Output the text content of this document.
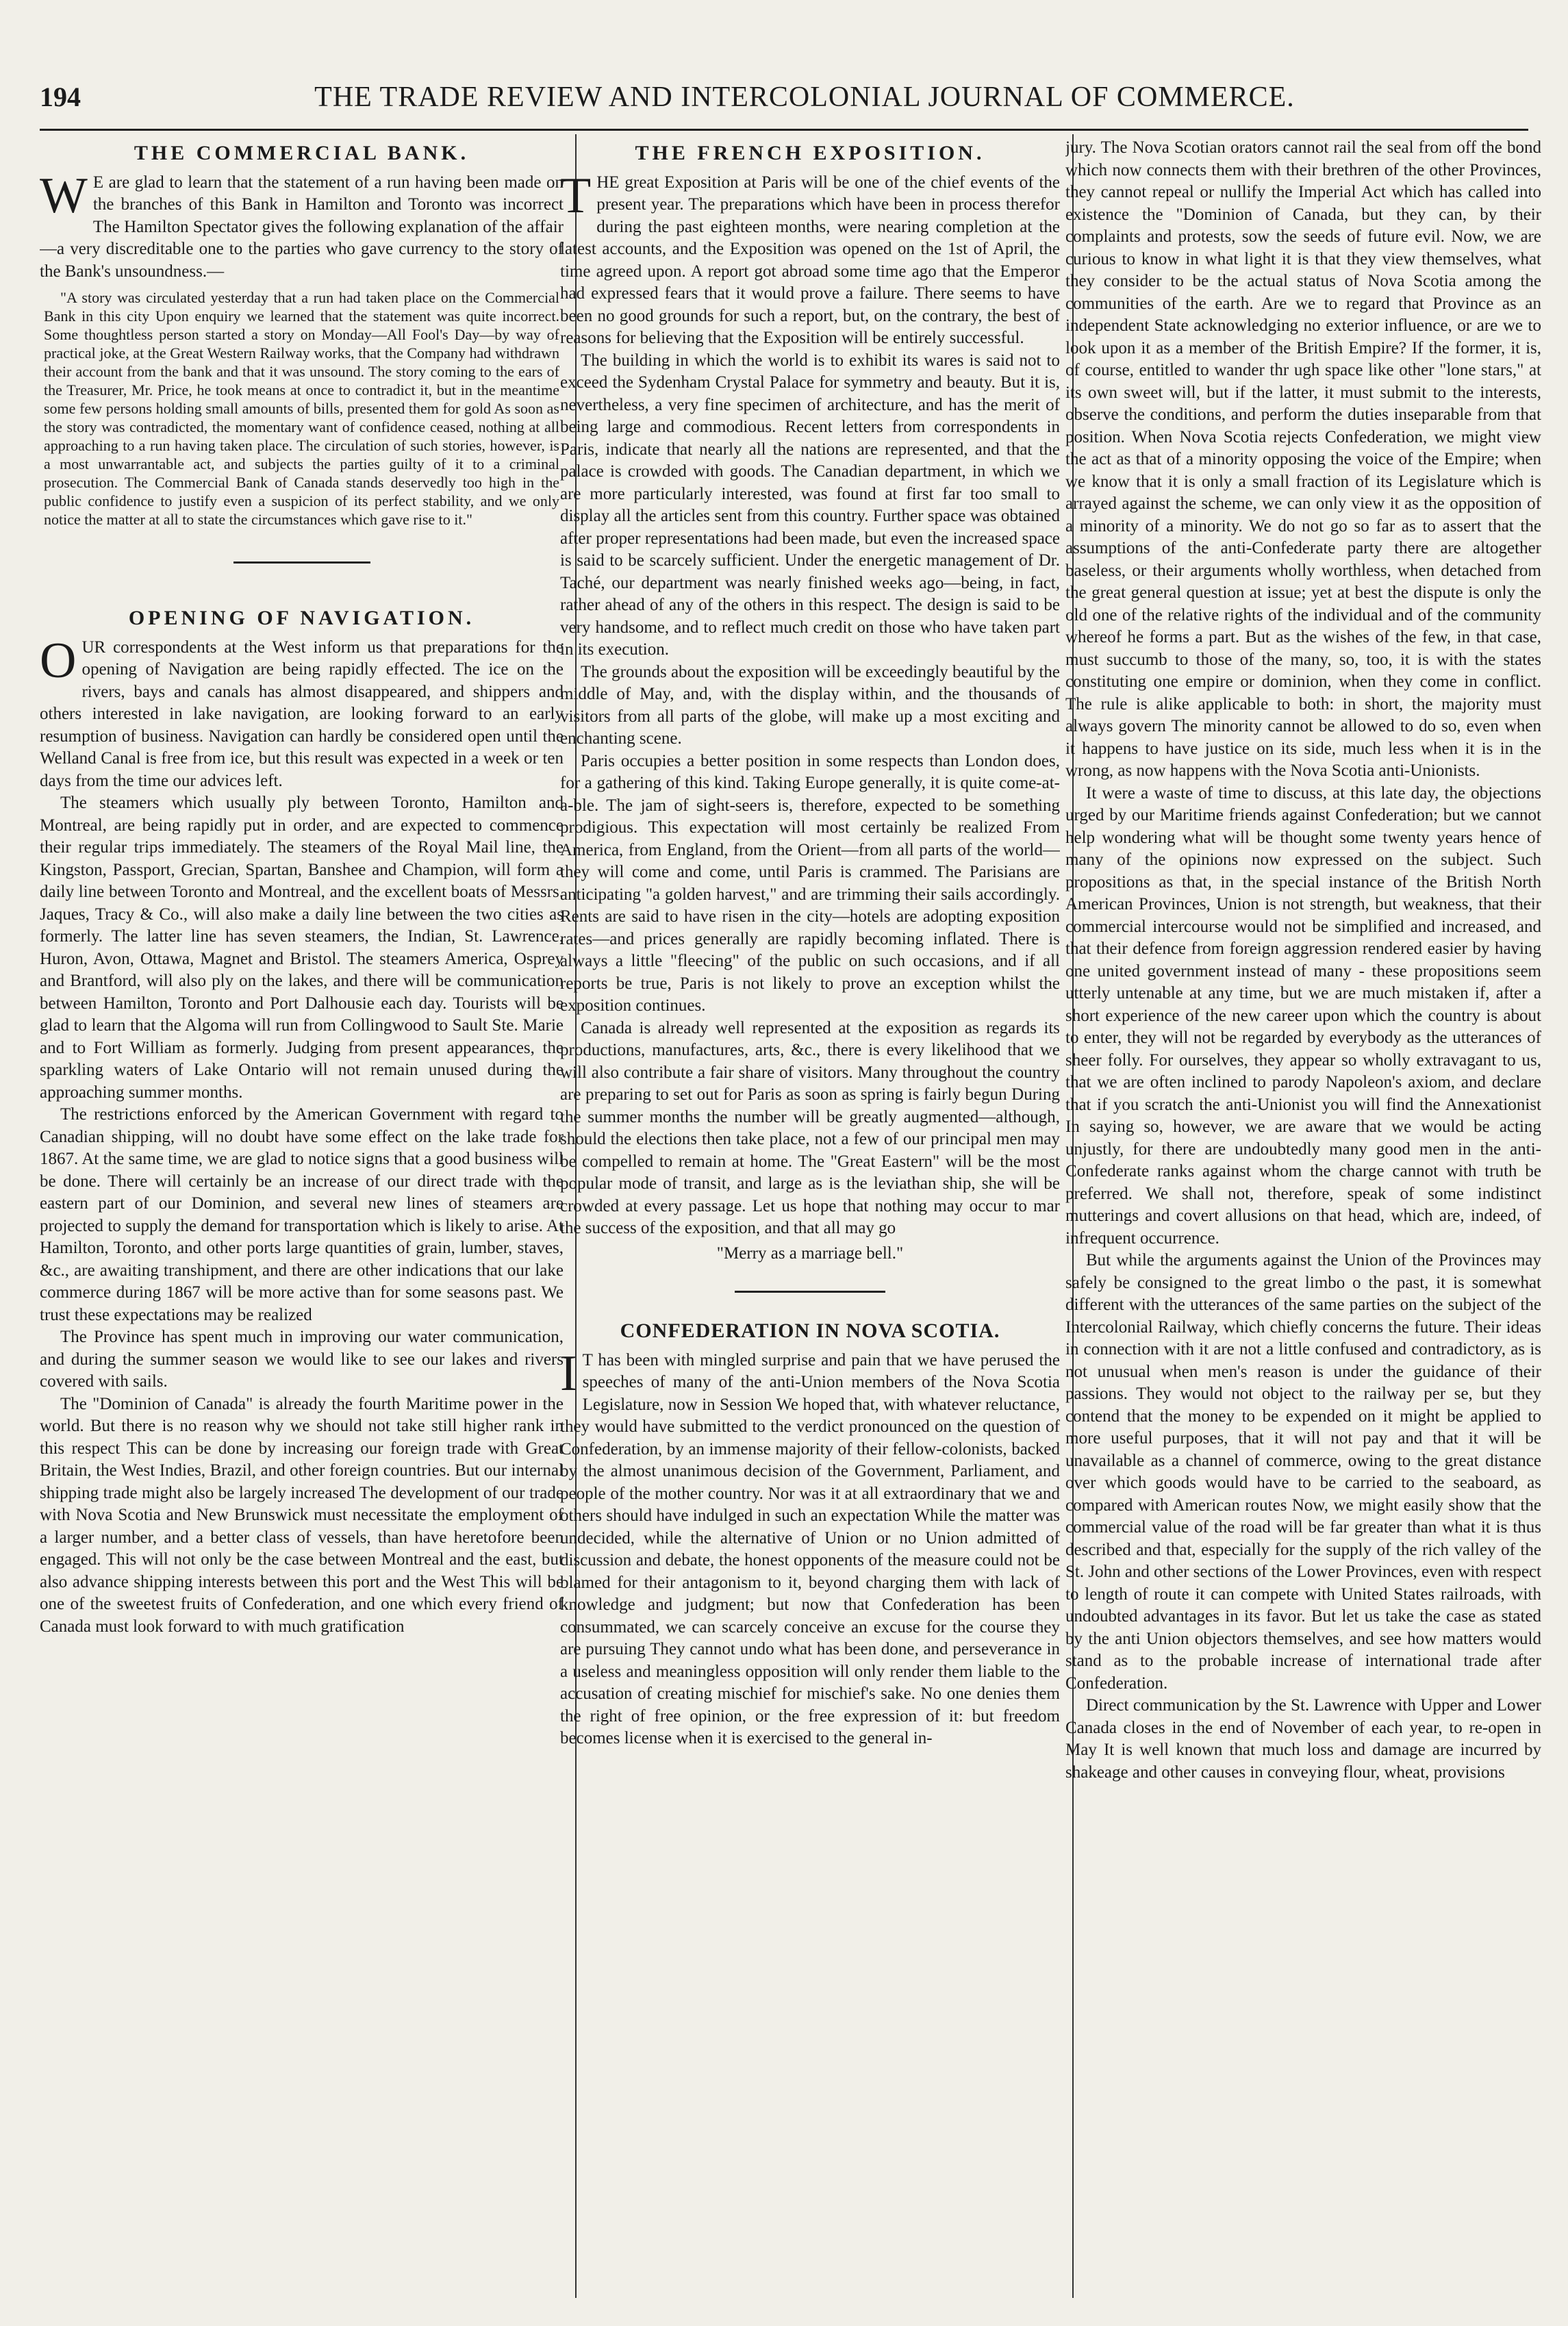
194	THE TRADE REVIEW AND INTERCOLONIAL JOURNAL OF COMMERCE.
THE COMMERCIAL BANK.

W E are glad to learn that the statement of a run having been made on the branches of this Bank in Hamilton and Toronto was incorrect The Hamilton Spectator gives the following explanation of the affair—a very discreditable one to the parties who gave currency to the story of the Bank's unsoundness.—

"A story was circulated yesterday that a run had taken place on the Commercial Bank in this city Upon enquiry we learned that the statement was quite incorrect. Some thoughtless person started a story on Monday—All Fool's Day—by way of practical joke, at the Great Western Railway works, that the Company had withdrawn their account from the bank and that it was unsound. The story coming to the ears of the Treasurer, Mr. Price, he took means at once to contradict it, but in the meantime some few persons holding small amounts of bills, presented them for gold As soon as the story was contradicted, the momentary want of confidence ceased, nothing at all approaching to a run having taken place. The circulation of such stories, however, is a most unwarrantable act, and subjects the parties guilty of it to a criminal prosecution. The Commercial Bank of Canada stands deservedly too high in the public confidence to justify even a suspicion of its perfect stability, and we only notice the matter at all to state the circumstances which gave rise to it."

OPENING OF NAVIGATION.

OUR correspondents at the West inform us that preparations for the opening of Navigation are being rapidly effected. The ice on the rivers, bays and canals has almost disappeared, and shippers and others interested in lake navigation, are looking forward to an early resumption of business. Navigation can hardly be considered open until the Welland Canal is free from ice, but this result was expected in a week or ten days from the time our advices left.

The steamers which usually ply between Toronto, Hamilton and Montreal, are being rapidly put in order, and are expected to commence their regular trips immediately. The steamers of the Royal Mail line, the Kingston, Passport, Grecian, Spartan, Banshee and Champion, will form a daily line between Toronto and Montreal, and the excellent boats of Messrs. Jaques, Tracy & Co., will also make a daily line between the two cities as formerly. The latter line has seven steamers, the Indian, St. Lawrence, Huron, Avon, Ottawa, Magnet and Bristol. The steamers America, Osprey and Brantford, will also ply on the lakes, and there will be communication between Hamilton, Toronto and Port Dalhousie each day. Tourists will be glad to learn that the Algoma will run from Collingwood to Sault Ste. Marie and to Fort William as formerly. Judging from present appearances, the sparkling waters of Lake Ontario will not remain unused during the approaching summer months.

The restrictions enforced by the American Government with regard to Canadian shipping, will no doubt have some effect on the lake trade for 1867. At the same time, we are glad to notice signs that a good business will be done. There will certainly be an increase of our direct trade with the eastern part of our Dominion, and several new lines of steamers are projected to supply the demand for transportation which is likely to arise. At Hamilton, Toronto, and other ports large quantities of grain, lumber, staves, &c., are awaiting transhipment, and there are other indications that our lake commerce during 1867 will be more active than for some seasons past. We trust these expectations may be realized

The Province has spent much in improving our water communication, and during the summer season we would like to see our lakes and rivers covered with sails.

The "Dominion of Canada" is already the fourth Maritime power in the world. But there is no reason why we should not take still higher rank in this respect This can be done by increasing our foreign trade with Great Britain, the West Indies, Brazil, and other foreign countries. But our internal shipping trade might also be largely increased The development of our trade with Nova Scotia and New Brunswick must necessitate the employment of a larger number, and a better class of vessels, than have heretofore been engaged. This will not only be the case between Montreal and the east, but also advance shipping interests between this port and the West This will be one of the sweetest fruits of Confederation, and one which every friend of Canada must look forward to with much gratification

THE FRENCH EXPOSITION.

THE great Exposition at Paris will be one of the chief events of the present year. The preparations which have been in process therefor during the past eighteen months, were nearing completion at the latest accounts, and the Exposition was opened on the 1st of April, the time agreed upon. A report got abroad some time ago that the Emperor had expressed fears that it would prove a failure. There seems to have been no good grounds for such a report, but, on the contrary, the best of reasons for believing that the Exposition will be entirely successful.

The building in which the world is to exhibit its wares is said not to exceed the Sydenham Crystal Palace for symmetry and beauty. But it is, nevertheless, a very fine specimen of architecture, and has the merit of being large and commodious. Recent letters from correspondents in Paris, indicate that nearly all the nations are represented, and that the palace is crowded with goods. The Canadian department, in which we are more particularly interested, was found at first far too small to display all the articles sent from this country. Further space was obtained after proper representations had been made, but even the increased space is said to be scarcely sufficient. Under the energetic management of Dr. Taché, our department was nearly finished weeks ago—being, in fact, rather ahead of any of the others in this respect. The design is said to be very handsome, and to reflect much credit on those who have taken part in its execution.

The grounds about the exposition will be exceedingly beautiful by the middle of May, and, with the display within, and the thousands of visitors from all parts of the globe, will make up a most exciting and enchanting scene.

Paris occupies a better position in some respects than London does, for a gathering of this kind. Taking Europe generally, it is quite come-at-a-ble. The jam of sight-seers is, therefore, expected to be something prodigious. This expectation will most certainly be realized From America, from England, from the Orient—from all parts of the world—they will come and come, until Paris is crammed. The Parisians are anticipating "a golden harvest," and are trimming their sails accordingly. Rents are said to have risen in the city—hotels are adopting exposition rates—and prices generally are rapidly becoming inflated. There is always a little "fleecing" of the public on such occasions, and if all reports be true, Paris is not likely to prove an exception whilst the exposition continues.

Canada is already well represented at the exposition as regards its productions, manufactures, arts, &c., there is every likelihood that we will also contribute a fair share of visitors. Many throughout the country are preparing to set out for Paris as soon as spring is fairly begun During the summer months the number will be greatly augmented—although, should the elections then take place, not a few of our principal men may be compelled to remain at home. The "Great Eastern" will be the most popular mode of transit, and large as is the leviathan ship, she will be crowded at every passage. Let us hope that nothing may occur to mar the success of the exposition, and that all may go

"Merry as a marriage bell."

CONFEDERATION IN NOVA SCOTIA.

I T has been with mingled surprise and pain that we have perused the speeches of many of the anti-Union members of the Nova Scotia Legislature, now in Session We hoped that, with whatever reluctance, they would have submitted to the verdict pronounced on the question of Confederation, by an immense majority of their fellow-colonists, backed by the almost unanimous decision of the Government, Parliament, and people of the mother country. Nor was it at all extraordinary that we and others should have indulged in such an expectation While the matter was undecided, while the alternative of Union or no Union admitted of discussion and debate, the honest opponents of the measure could not be blamed for their antagonism to it, beyond charging them with lack of knowledge and judgment; but now that Confederation has been consummated, we can scarcely conceive an excuse for the course they are pursuing They cannot undo what has been done, and perseverance in a useless and meaningless opposition will only render them liable to the accusation of creating mischief for mischief's sake. No one denies them the right of free opinion, or the free expression of it: but freedom becomes license when it is exercised to the general in-

jury. The Nova Scotian orators cannot rail the seal from off the bond which now connects them with their brethren of the other Provinces, they cannot repeal or nullify the Imperial Act which has called into existence the "Dominion of Canada, but they can, by their complaints and protests, sow the seeds of future evil. Now, we are curious to know in what light it is that they view themselves, what they consider to be the actual status of Nova Scotia among the communities of the earth. Are we to regard that Province as an independent State acknowledging no exterior influence, or are we to look upon it as a member of the British Empire? If the former, it is, of course, entitled to wander thr ugh space like other "lone stars," at its own sweet will, but if the latter, it must submit to the interests, observe the conditions, and perform the duties inseparable from that position. When Nova Scotia rejects Confederation, we might view the act as that of a minority opposing the voice of the Empire; when we know that it is only a small fraction of its Legislature which is arrayed against the scheme, we can only view it as the opposition of a minority of a minority. We do not go so far as to assert that the assumptions of the anti-Confederate party there are altogether baseless, or their arguments wholly worthless, when detached from the great general question at issue; yet at best the dispute is only the old one of the relative rights of the individual and of the community whereof he forms a part. But as the wishes of the few, in that case, must succumb to those of the many, so, too, it is with the states constituting one empire or dominion, when they come in conflict. The rule is alike applicable to both: in short, the majority must always govern The minority cannot be allowed to do so, even when it happens to have justice on its side, much less when it is in the wrong, as now happens with the Nova Scotia anti-Unionists.

It were a waste of time to discuss, at this late day, the objections urged by our Maritime friends against Confederation; but we cannot help wondering what will be thought some twenty years hence of many of the opinions now expressed on the subject. Such propositions as that, in the special instance of the British North American Provinces, Union is not strength, but weakness, that their commercial intercourse would not be simplified and increased, and that their defence from foreign aggression rendered easier by having one united government instead of many - these propositions seem utterly untenable at any time, but we are much mistaken if, after a short experience of the new career upon which the country is about to enter, they will not be regarded by everybody as the utterances of sheer folly. For ourselves, they appear so wholly extravagant to us, that we are often inclined to parody Napoleon's axiom, and declare that if you scratch the anti-Unionist you will find the Annexationist In saying so, however, we are aware that we would be acting unjustly, for there are undoubtedly many good men in the anti-Confederate ranks against whom the charge cannot with truth be preferred. We shall not, therefore, speak of some indistinct mutterings and covert allusions on that head, which are, indeed, of infrequent occurrence.

But while the arguments against the Union of the Provinces may safely be consigned to the great limbo o the past, it is somewhat different with the utterances of the same parties on the subject of the Intercolonial Railway, which chiefly concerns the future. Their ideas in connection with it are not a little confused and contradictory, as is not unusual when men's reason is under the guidance of their passions. They would not object to the railway per se, but they contend that the money to be expended on it might be applied to more useful purposes, that it will not pay and that it will be unavailable as a channel of commerce, owing to the great distance over which goods would have to be carried to the seaboard, as compared with American routes Now, we might easily show that the commercial value of the road will be far greater than what it is thus described and that, especially for the supply of the rich valley of the St. John and other sections of the Lower Provinces, even with respect to length of route it can compete with United States railroads, with undoubted advantages in its favor. But let us take the case as stated by the anti Union objectors themselves, and see how matters would stand as to the probable increase of international trade after Confederation.

Direct communication by the St. Lawrence with Upper and Lower Canada closes in the end of November of each year, to re-open in May It is well known that much loss and damage are incurred by shakeage and other causes in conveying flour, wheat, provisions
